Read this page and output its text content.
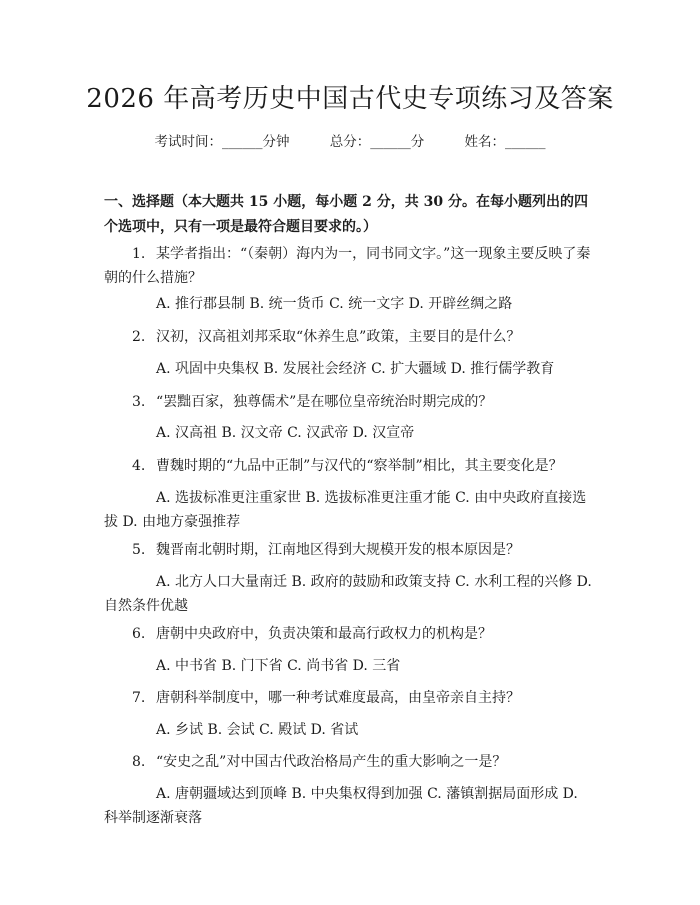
2026 年高考历史中国古代史专项练习及答案
考试时间：______分钟	总分：______分	姓名：______
一、选择题（本大题共 15 小题，每小题 2 分，共 30 分。在每小题列出的四个选项中，只有一项是最符合题目要求的。）
1. 某学者指出：“（秦朝）海内为一，同书同文字。”这一现象主要反映了秦朝的什么措施？
A. 推行郡县制 B. 统一货币 C. 统一文字 D. 开辟丝绸之路
2. 汉初，汉高祖刘邦采取“休养生息”政策，主要目的是什么？
A. 巩固中央集权 B. 发展社会经济 C. 扩大疆域 D. 推行儒学教育
3. “罢黜百家，独尊儒术”是在哪位皇帝统治时期完成的？
A. 汉高祖 B. 汉文帝 C. 汉武帝 D. 汉宣帝
4. 曹魏时期的“九品中正制”与汉代的“察举制”相比，其主要变化是？
A. 选拔标准更注重家世 B. 选拔标准更注重才能 C. 由中央政府直接选拔 D. 由地方豪强推荐
5. 魏晋南北朝时期，江南地区得到大规模开发的根本原因是？
A. 北方人口大量南迁 B. 政府的鼓励和政策支持 C. 水利工程的兴修 D. 自然条件优越
6. 唐朝中央政府中，负责决策和最高行政权力的机构是？
A. 中书省 B. 门下省 C. 尚书省 D. 三省
7. 唐朝科举制度中，哪一种考试难度最高，由皇帝亲自主持？
A. 乡试 B. 会试 C. 殿试 D. 省试
8. “安史之乱”对中国古代政治格局产生的重大影响之一是？
A. 唐朝疆域达到顶峰 B. 中央集权得到加强 C. 藩镇割据局面形成 D. 科举制逐渐衰落
